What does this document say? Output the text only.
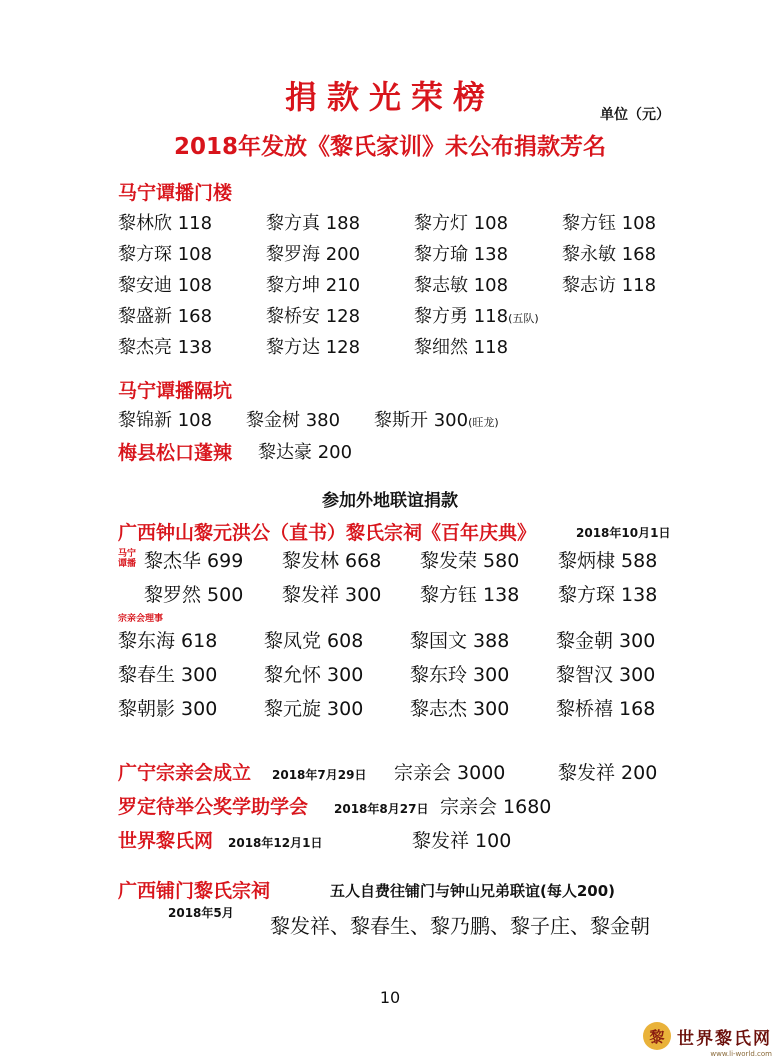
捐款光荣榜	单位（元）
2018年发放《黎氏家训》未公布捐款芳名
马宁谭播门楼
黎林欣 118	黎方真 188	黎方灯 108	黎方钰 108
黎方琛 108	黎罗海 200	黎方瑜 138	黎永敏 168
黎安迪 108	黎方坤 210	黎志敏 108	黎志访 118
黎盛新 168	黎桥安 128	黎方勇 118(五队)
黎杰亮 138	黎方达 128	黎细然 118
马宁谭播隔坑
黎锦新 108 黎金树 380 黎斯开 300(旺龙)
梅县松口蓬辣 黎达豪 200
参加外地联谊捐款
广西钟山黎元洪公（直书）黎氏宗祠《百年庆典》	2018年10月1日
马宁
谭播 黎杰华 699	黎发林 668	黎发荣 580	黎炳棣 588
黎罗然 500	黎发祥 300	黎方钰 138	黎方琛 138
宗亲会理事
黎东海 618	黎凤党 608	黎国文 388	黎金朝 300
黎春生 300	黎允怀 300	黎东玲 300	黎智汉 300
黎朝影 300	黎元旋 300	黎志杰 300	黎桥禧 168
广宁宗亲会成立 2018年7月29日 宗亲会 3000	黎发祥 200
罗定待举公奖学助学会 2018年8月27日 宗亲会 1680
世界黎氏网 2018年12月1日	黎发祥 100
广西铺门黎氏宗祠	五人自费往铺门与钟山兄弟联谊(每人200)
2018年5月
黎发祥、黎春生、黎乃鹏、黎子庄、黎金朝
10
黎 世界黎氏网
www.li-world.com
